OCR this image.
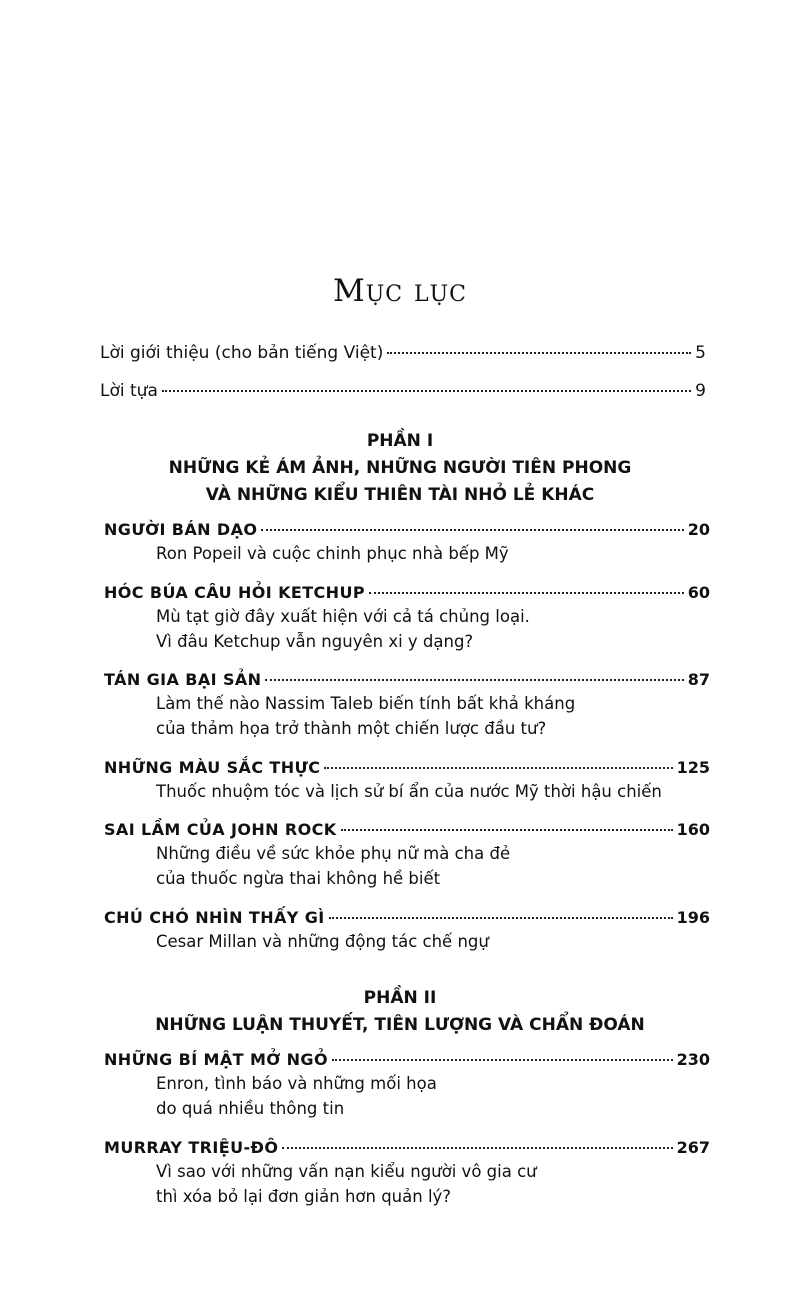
Mục lục
Lời giới thiệu (cho bản tiếng Việt)	5
Lời tựa	9
PHẦN I
NHỮNG KẺ ÁM ẢNH, NHỮNG NGƯỜI TIÊN PHONG
VÀ NHỮNG KIỂU THIÊN TÀI NHỎ LẺ KHÁC
NGƯỜI BÁN DẠO	20
Ron Popeil và cuộc chinh phục nhà bếp Mỹ
HÓC BÚA CÂU HỎI KETCHUP	60
Mù tạt giờ đây xuất hiện với cả tá chủng loại.
Vì đâu Ketchup vẫn nguyên xi y dạng?
TÁN GIA BẠI SẢN	87
Làm thế nào Nassim Taleb biến tính bất khả kháng
của thảm họa trở thành một chiến lược đầu tư?
NHỮNG MÀU SẮC THỰC	125
Thuốc nhuộm tóc và lịch sử bí ẩn của nước Mỹ thời hậu chiến
SAI LẦM CỦA JOHN ROCK	160
Những điều về sức khỏe phụ nữ mà cha đẻ
của thuốc ngừa thai không hề biết
CHÚ CHÓ NHÌN THẤY GÌ	196
Cesar Millan và những động tác chế ngự
PHẦN II
NHỮNG LUẬN THUYẾT, TIÊN LƯỢNG VÀ CHẨN ĐOÁN
NHỮNG BÍ MẬT MỞ NGỎ	230
Enron, tình báo và những mối họa
do quá nhiều thông tin
MURRAY TRIỆU-ĐÔ	267
Vì sao với những vấn nạn kiểu người vô gia cư
thì xóa bỏ lại đơn giản hơn quản lý?
